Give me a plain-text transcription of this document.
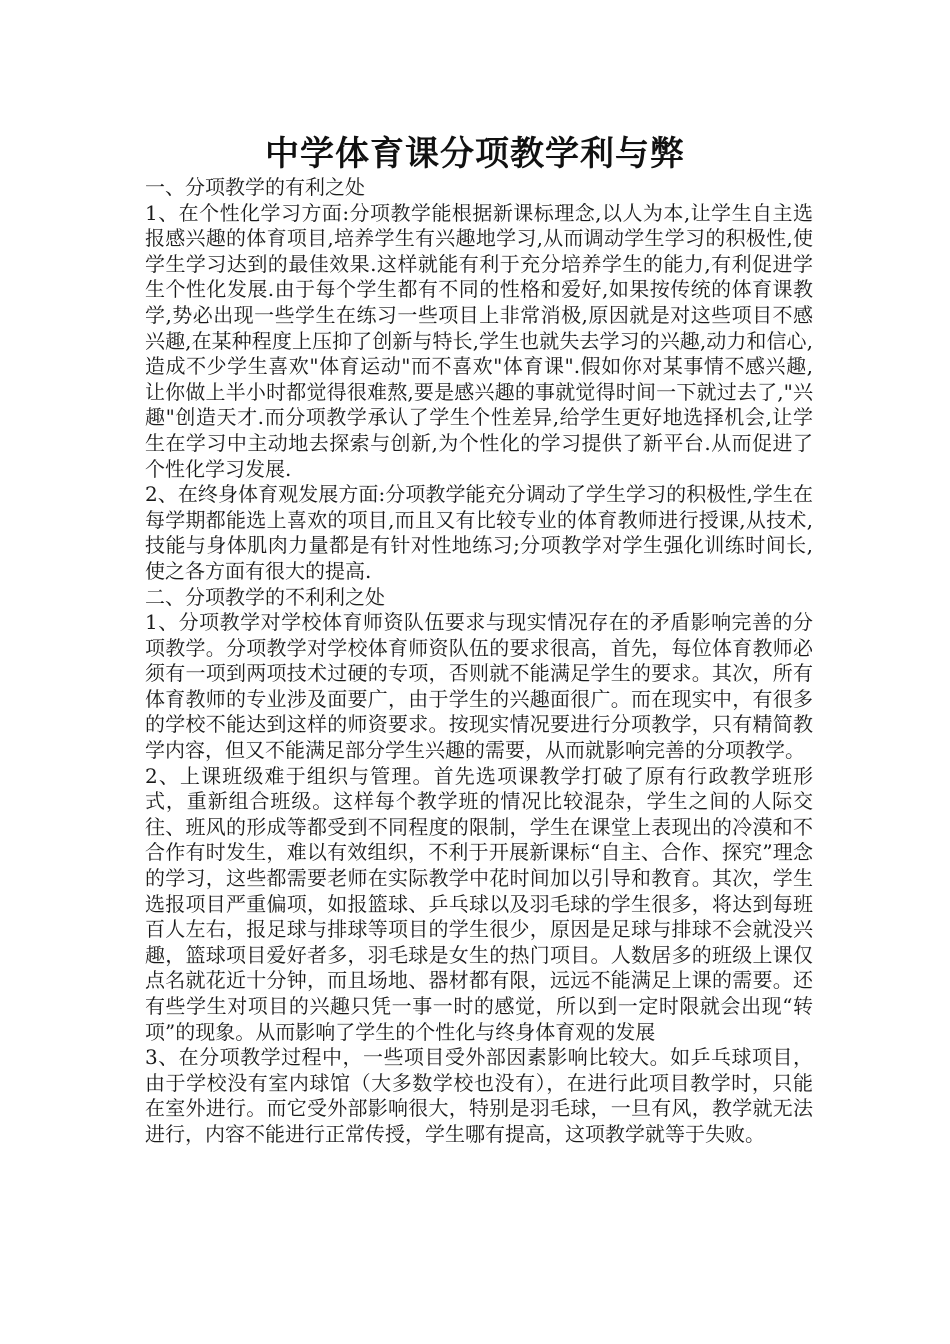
中学体育课分项教学利与弊

一、分项教学的有利之处

1、在个性化学习方面:分项教学能根据新课标理念,以人为本,让学生自主选报感兴趣的体育项目,培养学生有兴趣地学习,从而调动学生学习的积极性,使学生学习达到的最佳效果.这样就能有利于充分培养学生的能力,有利促进学生个性化发展.由于每个学生都有不同的性格和爱好,如果按传统的体育课教学,势必出现一些学生在练习一些项目上非常消极,原因就是对这些项目不感兴趣,在某种程度上压抑了创新与特长,学生也就失去学习的兴趣,动力和信心,造成不少学生喜欢"体育运动"而不喜欢"体育课".假如你对某事情不感兴趣,让你做上半小时都觉得很难熬,要是感兴趣的事就觉得时间一下就过去了,"兴趣"创造天才.而分项教学承认了学生个性差异,给学生更好地选择机会,让学生在学习中主动地去探索与创新,为个性化的学习提供了新平台.从而促进了个性化学习发展.

2、在终身体育观发展方面:分项教学能充分调动了学生学习的积极性,学生在每学期都能选上喜欢的项目,而且又有比较专业的体育教师进行授课,从技术,技能与身体肌肉力量都是有针对性地练习;分项教学对学生强化训练时间长,使之各方面有很大的提高.

二、分项教学的不利利之处

1、分项教学对学校体育师资队伍要求与现实情况存在的矛盾影响完善的分项教学。分项教学对学校体育师资队伍的要求很高，首先，每位体育教师必须有一项到两项技术过硬的专项，否则就不能满足学生的要求。其次，所有体育教师的专业涉及面要广，由于学生的兴趣面很广。而在现实中，有很多的学校不能达到这样的师资要求。按现实情况要进行分项教学，只有精简教学内容，但又不能满足部分学生兴趣的需要，从而就影响完善的分项教学。

2、上课班级难于组织与管理。首先选项课教学打破了原有行政教学班形式，重新组合班级。这样每个教学班的情况比较混杂，学生之间的人际交往、班风的形成等都受到不同程度的限制，学生在课堂上表现出的冷漠和不合作有时发生，难以有效组织，不利于开展新课标“自主、合作、探究”理念的学习，这些都需要老师在实际教学中花时间加以引导和教育。其次，学生选报项目严重偏项，如报篮球、乒乓球以及羽毛球的学生很多，将达到每班百人左右，报足球与排球等项目的学生很少，原因是足球与排球不会就没兴趣，篮球项目爱好者多，羽毛球是女生的热门项目。人数居多的班级上课仅点名就花近十分钟，而且场地、器材都有限，远远不能满足上课的需要。还有些学生对项目的兴趣只凭一事一时的感觉，所以到一定时限就会出现“转项”的现象。从而影响了学生的个性化与终身体育观的发展

3、在分项教学过程中，一些项目受外部因素影响比较大。如乒乓球项目，由于学校没有室内球馆（大多数学校也没有），在进行此项目教学时，只能在室外进行。而它受外部影响很大，特别是羽毛球，一旦有风，教学就无法进行，内容不能进行正常传授，学生哪有提高，这项教学就等于失败。
